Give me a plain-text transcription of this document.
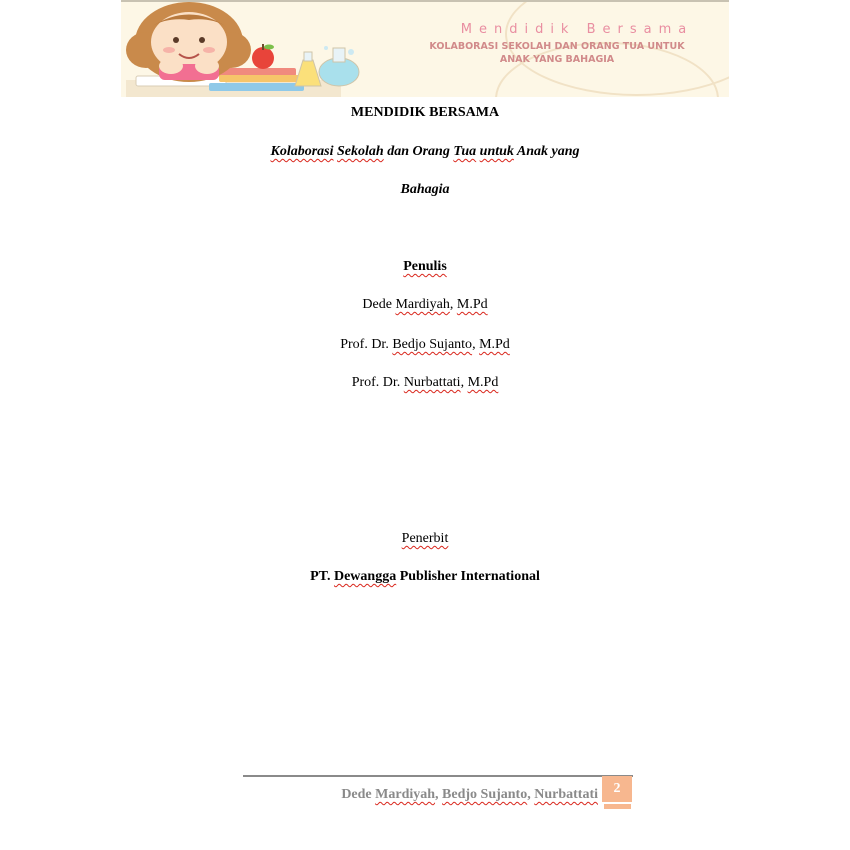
Mendidik Bersama
KOLABORASI SEKOLAH DAN ORANG TUA UNTUK
ANAK YANG BAHAGIA
MENDIDIK BERSAMA
Kolaborasi Sekolah dan Orang Tua untuk Anak yang
Bahagia
Penulis
Dede Mardiyah, M.Pd
Prof. Dr. Bedjo Sujanto, M.Pd
Prof. Dr. Nurbattati, M.Pd
Penerbit
PT. Dewangga Publisher International
Dede Mardiyah, Bedjo Sujanto, Nurbattati	2
